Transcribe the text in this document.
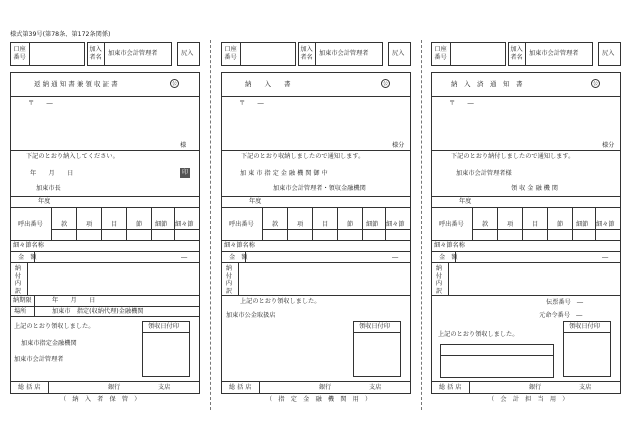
様式第39号(第78条、第172条関係)
口座番号
加入者名 加東市会計管理者	尻入
返 納 通 知 書 兼 領 収 証 書	公
〒　　―
様
下記のとおり納入してください。
年　　月　　日	印
加東市長
年度
呼出番号	款	項	目	節 細節 細々節
細々節名称
金　額	―
納付内訳
納期限	年　　月　　日
場所	加東市　指定(収納代理)金融機関
上記のとおり領収しました。	領収日付印
加東市指定金融機関
加東市会計管理者
総 括 店	銀行	支店
（　納　入　者　保　管　）
口座番号
加入者名 加東市会計管理者	尻入
納　　入　　書	公
〒　　―
様分
下記のとおり収納しましたので通知します。
加 東 市 指 定 金 融 機 関 御 中
加東市会計管理者・領収金融機関
年度
呼出番号	款	項	目	節 細節 細々節
細々節名称
金　額	―
納付内訳
上記のとおり領収しました。
加東市公金取扱店
領収日付印
総 括 店	銀行	支店
（　指　定　金　融　機　関　用　）
口座番号
加入者名 加東市会計管理者	尻入
納　入　済　通　知　書	公
〒　　―
様分
下記のとおり納付しましたので通知します。
加東市会計管理者様
領 収 金 融 機 関
年度
呼出番号	款	項	目	節 細節 細々節
細々節名称
金　額	―
納付内訳
伝票番号　―
元命令番号　―
上記のとおり領収しました。
領収日付印
総 括 店	銀行	支店
（　会　計　担　当　用　）
